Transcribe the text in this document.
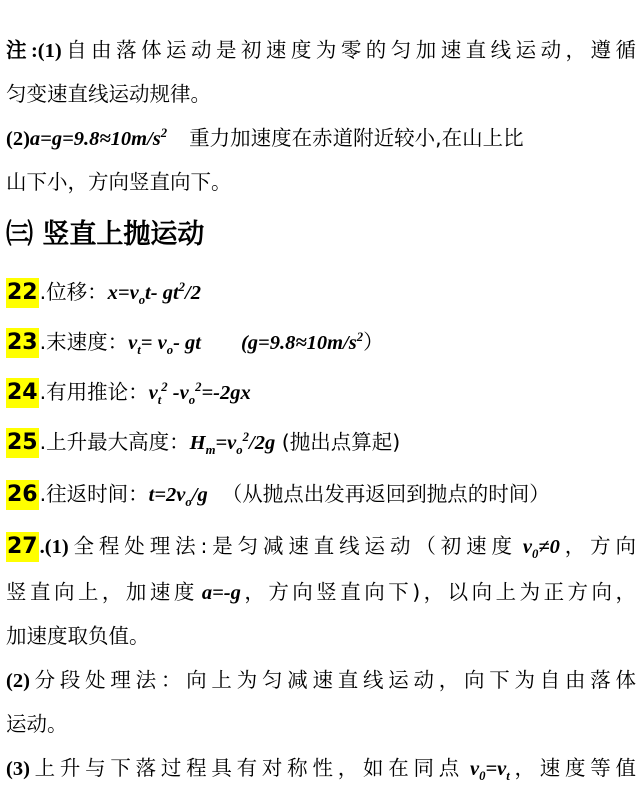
注:(1)自由落体运动是初速度为零的匀加速直线运动，遵循
匀变速直线运动规律。
$(2)a=g=9.8\approx 10m/s^2$ 重力加速度在赤道附近较小,在山上比
山下小，方向竖直向下。
㈢ 竖直上抛运动
22.位移：$x=v_ot-$ $gt^2/2$
23.末速度：$v_t= v_o-$ gt $(g=9.8\approx 10m/s^2)$
24.有用推论：$v_t^2$ $-v_o^2=-2gx$
25.上升最大高度：$H_m=v_o^2/2g$ (抛出点算起)
26.往返时间：$t=2v_o/g$ （从抛点出发再返回到抛点的时间）
27.(1)全程处理法:是匀减速直线运动（初速度 $v_0\ne 0$，方向
竖直向上，加速度 a=-g，方向竖直向下)，以向上为正方向，
加速度取负值。
(2)分段处理法：向上为匀减速直线运动，向下为自由落体
运动。
(3)上升与下落过程具有对称性，如在同点 $v_0=v_t$，速度等值
